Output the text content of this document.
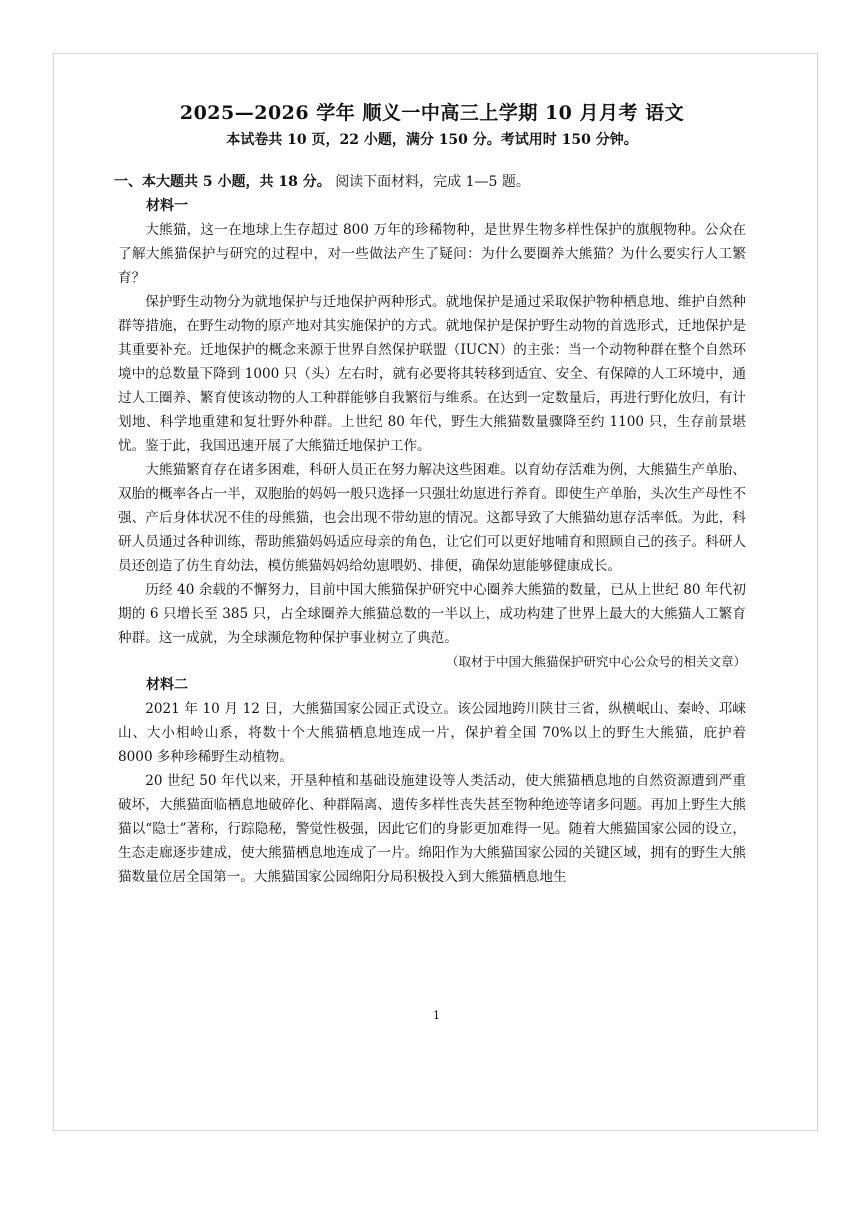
2025—2026 学年 顺义一中高三上学期 10 月月考 语文
本试卷共 10 页，22 小题，满分 150 分。考试用时 150 分钟。
一、本大题共 5 小题，共 18 分。 阅读下面材料，完成 1—5 题。
材料一

大熊猫，这一在地球上生存超过 800 万年的珍稀物种，是世界生物多样性保护的旗舰物种。公众在了解大熊猫保护与研究的过程中，对一些做法产生了疑问：为什么要圈养大熊猫？为什么要实行人工繁育？

保护野生动物分为就地保护与迁地保护两种形式。就地保护是通过采取保护物种栖息地、维护自然种群等措施，在野生动物的原产地对其实施保护的方式。就地保护是保护野生动物的首选形式，迁地保护是其重要补充。迁地保护的概念来源于世界自然保护联盟（IUCN）的主张：当一个动物种群在整个自然环境中的总数量下降到 1000 只（头）左右时，就有必要将其转移到适宜、安全、有保障的人工环境中，通过人工圈养、繁育使该动物的人工种群能够自我繁衍与维系。在达到一定数量后，再进行野化放归，有计划地、科学地重建和复壮野外种群。上世纪 80 年代，野生大熊猫数量骤降至约 1100 只，生存前景堪忧。鉴于此，我国迅速开展了大熊猫迁地保护工作。

大熊猫繁育存在诸多困难，科研人员正在努力解决这些困难。以育幼存活难为例，大熊猫生产单胎、双胎的概率各占一半，双胞胎的妈妈一般只选择一只强壮幼崽进行养育。即使生产单胎，头次生产母性不强、产后身体状况不佳的母熊猫，也会出现不带幼崽的情况。这都导致了大熊猫幼崽存活率低。为此，科研人员通过各种训练，帮助熊猫妈妈适应母亲的角色，让它们可以更好地哺育和照顾自己的孩子。科研人员还创造了仿生育幼法，模仿熊猫妈妈给幼崽喂奶、排便，确保幼崽能够健康成长。

历经 40 余载的不懈努力，目前中国大熊猫保护研究中心圈养大熊猫的数量，已从上世纪 80 年代初期的 6 只增长至 385 只，占全球圈养大熊猫总数的一半以上，成功构建了世界上最大的大熊猫人工繁育种群。这一成就，为全球濒危物种保护事业树立了典范。

（取材于中国大熊猫保护研究中心公众号的相关文章）

材料二

2021 年 10 月 12 日，大熊猫国家公园正式设立。该公园地跨川陕甘三省，纵横岷山、秦岭、邛崃山、大小相岭山系，将数十个大熊猫栖息地连成一片，保护着全国 70%以上的野生大熊猫，庇护着 8000 多种珍稀野生动植物。

20 世纪 50 年代以来，开垦种植和基础设施建设等人类活动，使大熊猫栖息地的自然资源遭到严重破坏，大熊猫面临栖息地破碎化、种群隔离、遗传多样性丧失甚至物种绝迹等诸多问题。再加上野生大熊猫以“隐士”著称，行踪隐秘，警觉性极强，因此它们的身影更加难得一见。随着大熊猫国家公园的设立，生态走廊逐步建成，使大熊猫栖息地连成了一片。绵阳作为大熊猫国家公园的关键区域，拥有的野生大熊猫数量位居全国第一。大熊猫国家公园绵阳分局积极投入到大熊猫栖息地生

1
